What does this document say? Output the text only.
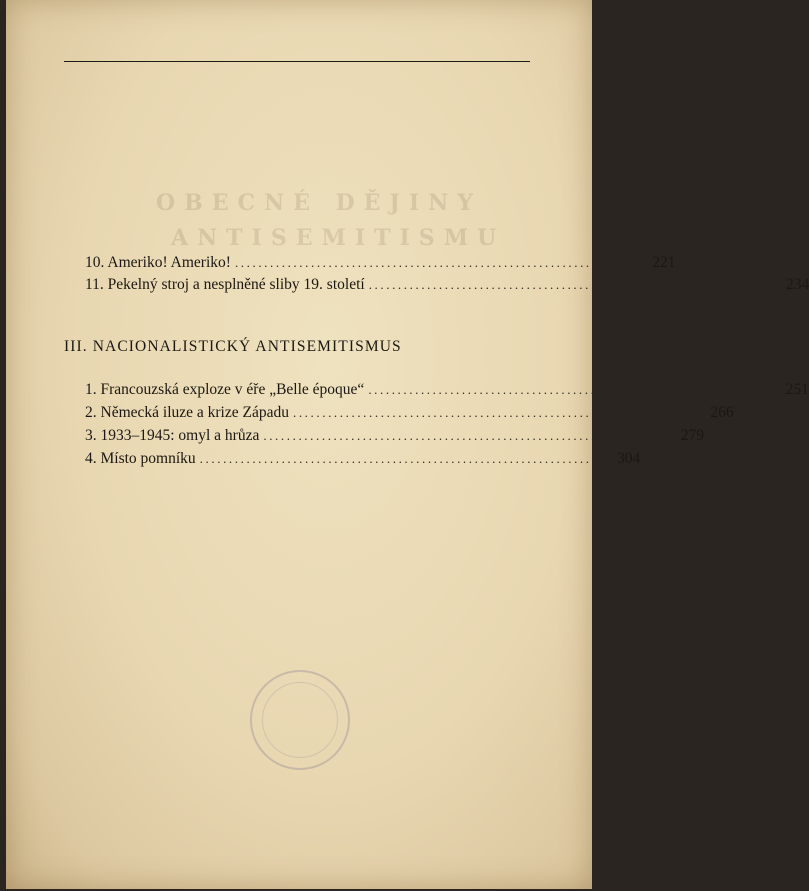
OBECNÉ DĚJINY
ANTISEMITISMU
10. Ameriko! Ameriko! ....................................................................... 221
11. Pekelný stroj a nesplněné sliby 19. století ....................................................................... 234
III. NACIONALISTICKÝ ANTISEMITISMUS
1. Francouzská exploze v éře „Belle époque“ ....................................................................... 251
2. Německá iluze a krize Západu ....................................................................... 266
3. 1933–1945: omyl a hrůza ....................................................................... 279
4. Místo pomníku ....................................................................... 304
